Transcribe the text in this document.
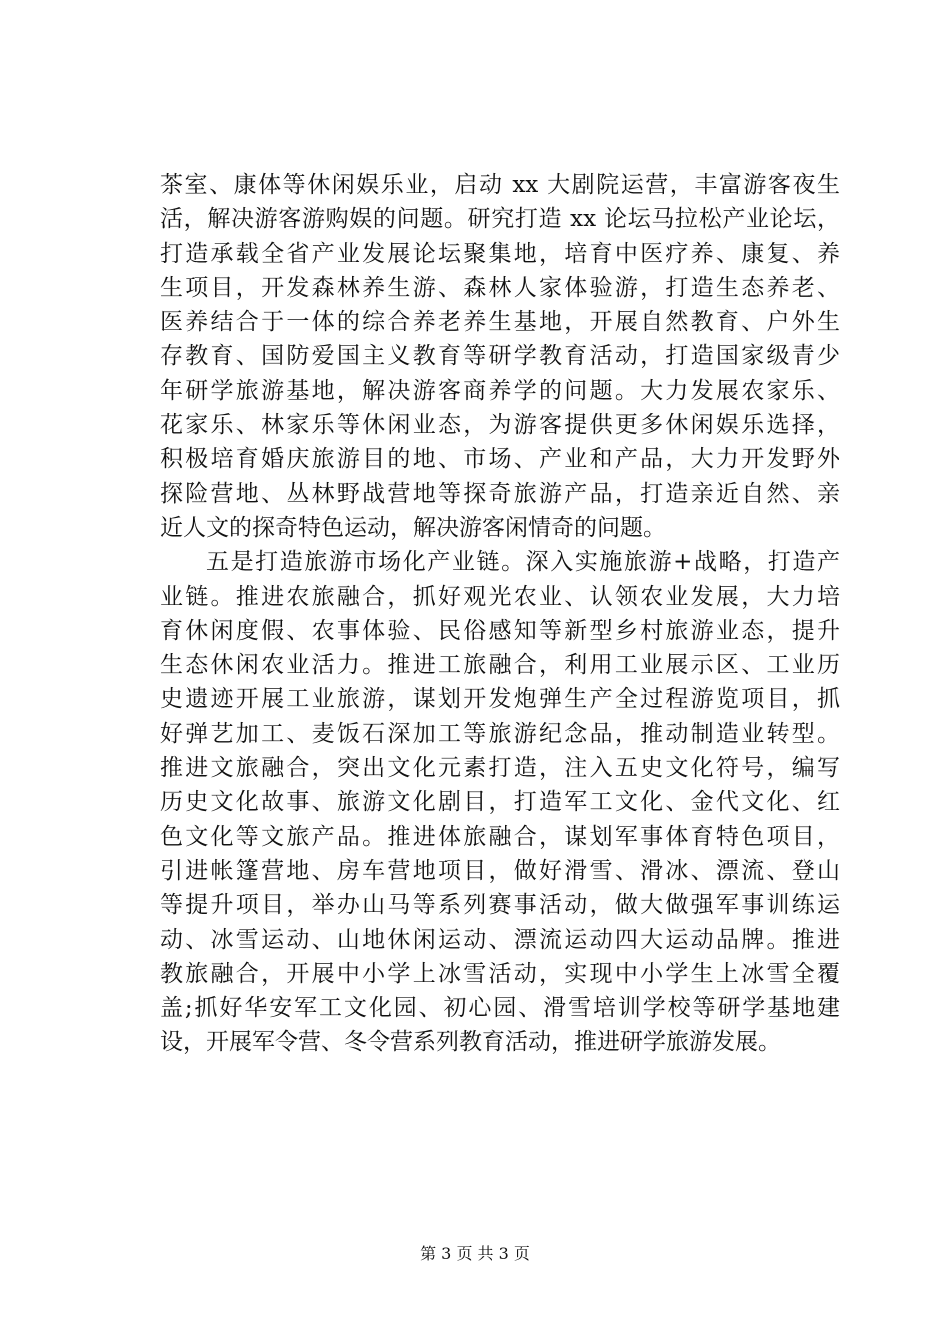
茶室、康体等休闲娱乐业，启动 xx 大剧院运营，丰富游客夜生
活，解决游客游购娱的问题。研究打造 xx 论坛马拉松产业论坛，
打造承载全省产业发展论坛聚集地，培育中医疗养、康复、养
生项目，开发森林养生游、森林人家体验游，打造生态养老、
医养结合于一体的综合养老养生基地，开展自然教育、户外生
存教育、国防爱国主义教育等研学教育活动，打造国家级青少
年研学旅游基地，解决游客商养学的问题。大力发展农家乐、
花家乐、林家乐等休闲业态，为游客提供更多休闲娱乐选择，
积极培育婚庆旅游目的地、市场、产业和产品，大力开发野外
探险营地、丛林野战营地等探奇旅游产品，打造亲近自然、亲
近人文的探奇特色运动，解决游客闲情奇的问题。
五是打造旅游市场化产业链。深入实施旅游+战略，打造产
业链。推进农旅融合，抓好观光农业、认领农业发展，大力培
育休闲度假、农事体验、民俗感知等新型乡村旅游业态，提升
生态休闲农业活力。推进工旅融合，利用工业展示区、工业历
史遗迹开展工业旅游，谋划开发炮弹生产全过程游览项目，抓
好弹艺加工、麦饭石深加工等旅游纪念品，推动制造业转型。
推进文旅融合，突出文化元素打造，注入五史文化符号，编写
历史文化故事、旅游文化剧目，打造军工文化、金代文化、红
色文化等文旅产品。推进体旅融合，谋划军事体育特色项目，
引进帐篷营地、房车营地项目，做好滑雪、滑冰、漂流、登山
等提升项目，举办山马等系列赛事活动，做大做强军事训练运
动、冰雪运动、山地休闲运动、漂流运动四大运动品牌。推进
教旅融合，开展中小学上冰雪活动，实现中小学生上冰雪全覆
盖;抓好华安军工文化园、初心园、滑雪培训学校等研学基地建
设，开展军令营、冬令营系列教育活动，推进研学旅游发展。
第 3 页 共 3 页
